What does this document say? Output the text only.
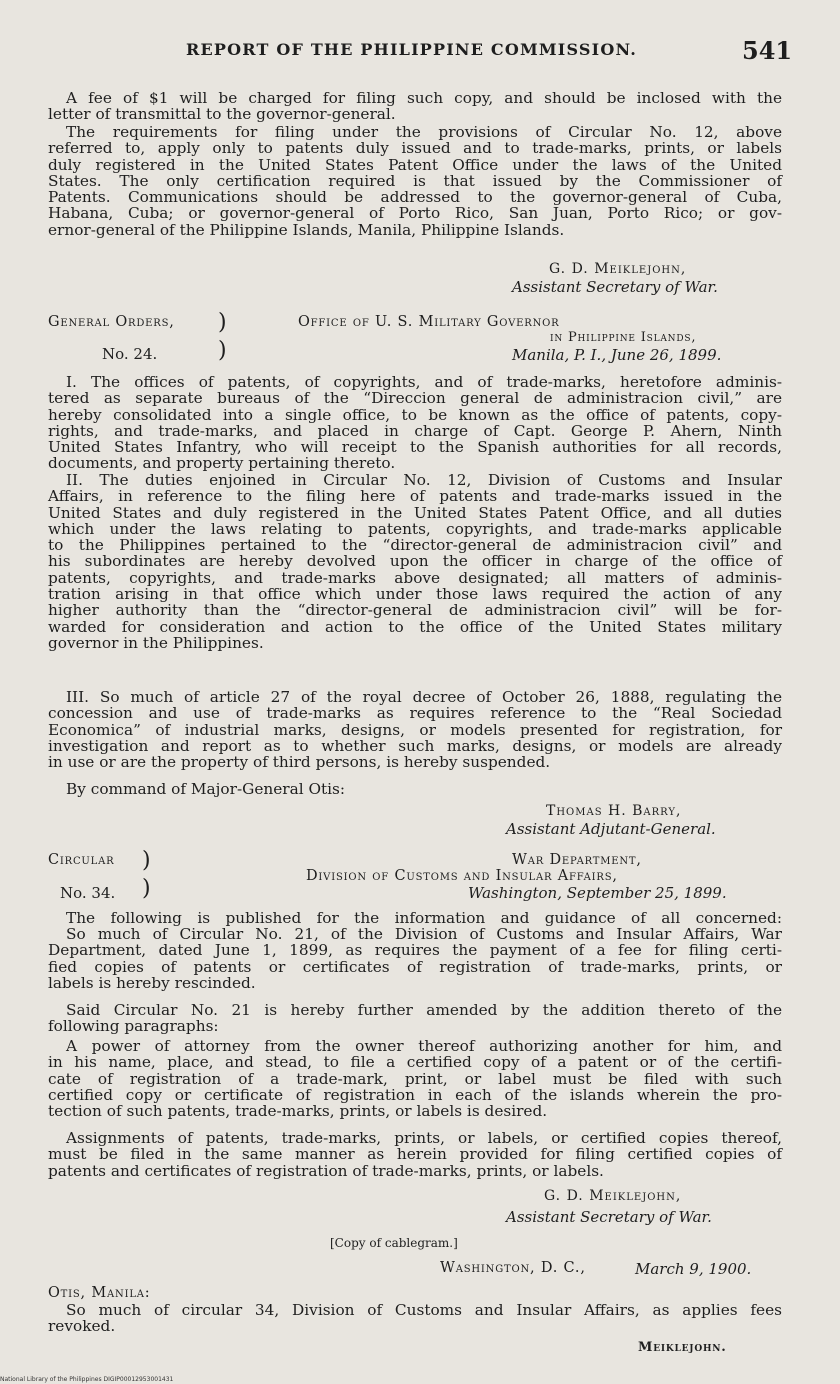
REPORT OF THE PHILIPPINE COMMISSION.	541
A fee of $1 will be charged for filing such copy, and should be inclosed with the
letter of transmittal to the governor-general.
The requirements for filing under the provisions of Circular No. 12, above
referred to, apply only to patents duly issued and to trade-marks, prints, or labels
duly registered in the United States Patent Office under the laws of the United
States. The only certification required is that issued by the Commissioner of
Patents. Communications should be addressed to the governor-general of Cuba,
Habana, Cuba; or governor-general of Porto Rico, San Juan, Porto Rico; or gov-
ernor-general of the Philippine Islands, Manila, Philippine Islands.
G. D. Meiklejohn,
Assistant Secretary of War.
General Orders,
No. 24.
)
)
Office of U. S. Military Governor
in Philippine Islands,
Manila, P. I., June 26, 1899.
I. The offices of patents, of copyrights, and of trade-marks, heretofore adminis-
tered as separate bureaus of the “Direccion general de administracion civil,” are
hereby consolidated into a single office, to be known as the office of patents, copy-
rights, and trade-marks, and placed in charge of Capt. George P. Ahern, Ninth
United States Infantry, who will receipt to the Spanish authorities for all records,
documents, and property pertaining thereto.
II. The duties enjoined in Circular No. 12, Division of Customs and Insular
Affairs, in reference to the filing here of patents and trade-marks issued in the
United States and duly registered in the United States Patent Office, and all duties
which under the laws relating to patents, copyrights, and trade-marks applicable
to the Philippines pertained to the “director-general de administracion civil” and
his subordinates are hereby devolved upon the officer in charge of the office of
patents, copyrights, and trade-marks above designated; all matters of adminis-
tration arising in that office which under those laws required the action of any
higher authority than the “director-general de administracion civil” will be for-
warded for consideration and action to the office of the United States military
governor in the Philippines.
III. So much of article 27 of the royal decree of October 26, 1888, regulating the
concession and use of trade-marks as requires reference to the “Real Sociedad
Economica” of industrial marks, designs, or models presented for registration, for
investigation and report as to whether such marks, designs, or models are already
in use or are the property of third persons, is hereby suspended.
By command of Major-General Otis:
Thomas H. Barry,
Assistant Adjutant-General.
Circular
No. 34.
)
)
War Department,
Division of Customs and Insular Affairs,
Washington, September 25, 1899.
The following is published for the information and guidance of all concerned:
So much of Circular No. 21, of the Division of Customs and Insular Affairs, War
Department, dated June 1, 1899, as requires the payment of a fee for filing certi-
fied copies of patents or certificates of registration of trade-marks, prints, or
labels is hereby rescinded.
Said Circular No. 21 is hereby further amended by the addition thereto of the
following paragraphs:
A power of attorney from the owner thereof authorizing another for him, and
in his name, place, and stead, to file a certified copy of a patent or of the certifi-
cate of registration of a trade-mark, print, or label must be filed with such
certified copy or certificate of registration in each of the islands wherein the pro-
tection of such patents, trade-marks, prints, or labels is desired.
Assignments of patents, trade-marks, prints, or labels, or certified copies thereof,
must be filed in the same manner as herein provided for filing certified copies of
patents and certificates of registration of trade-marks, prints, or labels.
G. D. Meiklejohn,
Assistant Secretary of War.
[Copy of cablegram.]
Washington, D. C.,	March 9, 1900.
Otis, Manila:
So much of circular 34, Division of Customs and Insular Affairs, as applies fees
revoked.
Meiklejohn.
National Library of the Philippines DIGIP00012953001431
